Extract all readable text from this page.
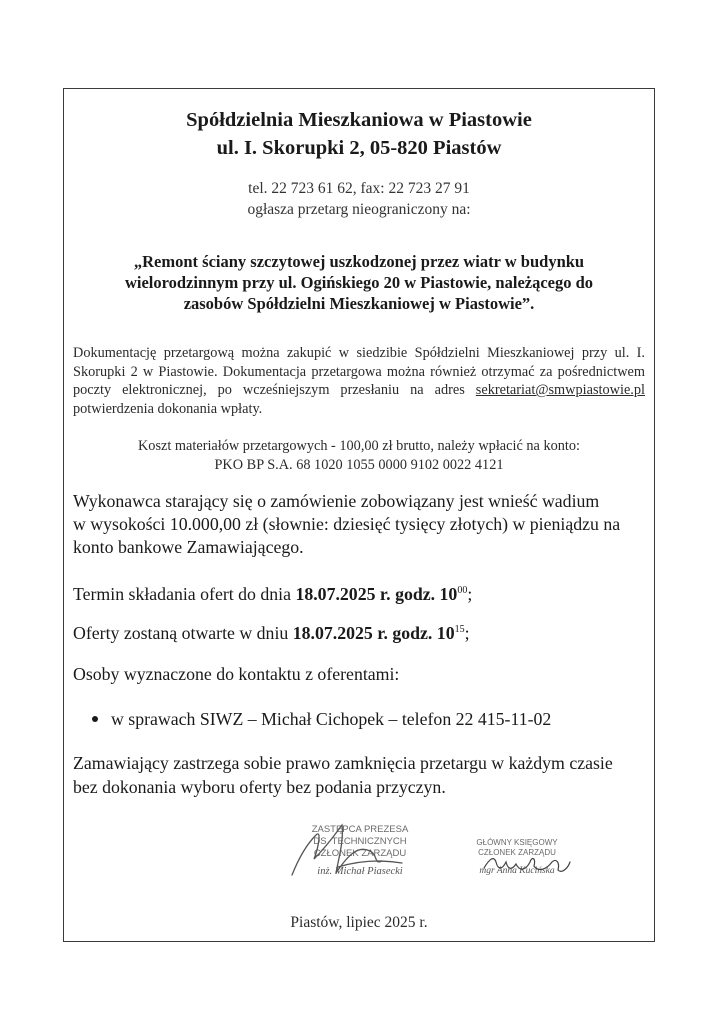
Spółdzielnia Mieszkaniowa w Piastowie
ul. I. Skorupki 2, 05-820 Piastów
tel. 22 723 61 62, fax: 22 723 27 91
ogłasza przetarg nieograniczony na:
„Remont ściany szczytowej uszkodzonej przez wiatr w budynku
wielorodzinnym przy ul. Ogińskiego 20 w Piastowie, należącego do
zasobów Spółdzielni Mieszkaniowej w Piastowie”.

Dokumentację przetargową można zakupić w siedzibie Spółdzielni Mieszkaniowej przy ul. I. Skorupki 2 w Piastowie. Dokumentacja przetargowa można również otrzymać za pośrednictwem poczty elektronicznej, po wcześniejszym przesłaniu na adres sekretariat@smwpiastowie.pl potwierdzenia dokonania wpłaty.

Koszt materiałów przetargowych - 100,00 zł brutto, należy wpłacić na konto:
PKO BP S.A. 68 1020 1055 0000 9102 0022 4121
Wykonawca starający się o zamówienie zobowiązany jest wnieść wadium
w wysokości 10.000,00 zł (słownie: dziesięć tysięcy złotych) w pieniądzu na
konto bankowe Zamawiającego.
Termin składania ofert do dnia 18.07.2025 r. godz. $10^{00}$;
Oferty zostaną otwarte w dniu 18.07.2025 r. godz. $10^{15}$;
Osoby wyznaczone do kontaktu z oferentami:
w sprawach SIWZ – Michał Cichopek – telefon 22 415-11-02
Zamawiający zastrzega sobie prawo zamknięcia przetargu w każdym czasie
bez dokonania wyboru oferty bez podania przyczyn.
ZASTĘPCA PREZESA
DS. TECHNICZNYCH
CZŁONEK ZARZĄDU
inż. Michał Piasecki
GŁÓWNY KSIĘGOWY
CZŁONEK ZARZĄDU
mgr Anna Kucińska
Piastów, lipiec 2025 r.
